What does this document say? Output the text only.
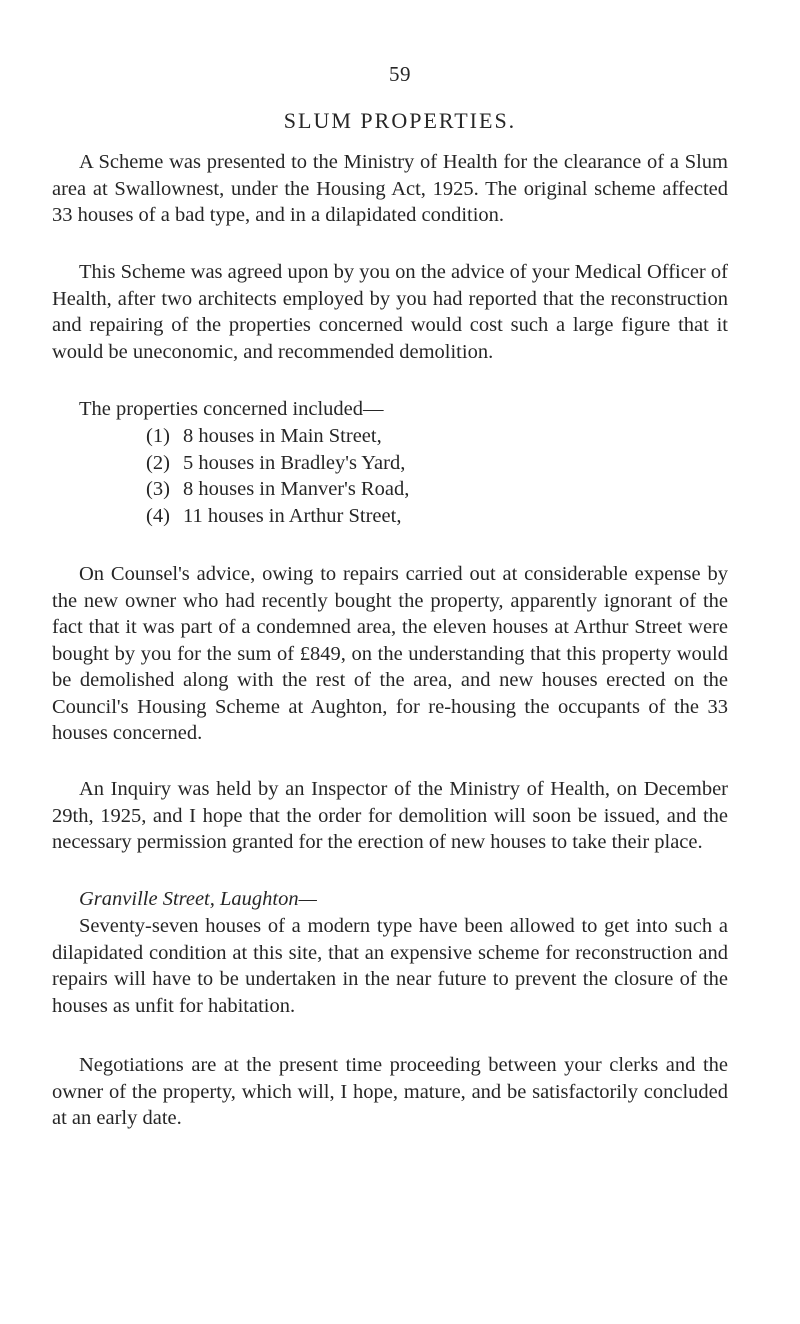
59
SLUM PROPERTIES.

A Scheme was presented to the Ministry of Health for the clearance of a Slum area at Swallownest, under the Housing Act, 1925. The original scheme affected 33 houses of a bad type, and in a dilapidated condition.

This Scheme was agreed upon by you on the advice of your Medical Officer of Health, after two architects employed by you had reported that the reconstruction and repairing of the properties concerned would cost such a large figure that it would be uneconomic, and recommended demolition.

The properties concerned included—

(1) 8 houses in Main Street,
(2) 5 houses in Bradley's Yard,
(3) 8 houses in Manver's Road,
(4) 11 houses in Arthur Street,

On Counsel's advice, owing to repairs carried out at considerable expense by the new owner who had recently bought the property, apparently ignorant of the fact that it was part of a condemned area, the eleven houses at Arthur Street were bought by you for the sum of £849, on the understanding that this property would be demolished along with the rest of the area, and new houses erected on the Council's Housing Scheme at Aughton, for re-housing the occupants of the 33 houses concerned.

An Inquiry was held by an Inspector of the Ministry of Health, on December 29th, 1925, and I hope that the order for demolition will soon be issued, and the necessary permission granted for the erection of new houses to take their place.

Granville Street, Laughton—

Seventy-seven houses of a modern type have been allowed to get into such a dilapidated condition at this site, that an expensive scheme for reconstruction and repairs will have to be undertaken in the near future to prevent the closure of the houses as unfit for habitation.

Negotiations are at the present time proceeding between your clerks and the owner of the property, which will, I hope, mature, and be satisfactorily concluded at an early date.
